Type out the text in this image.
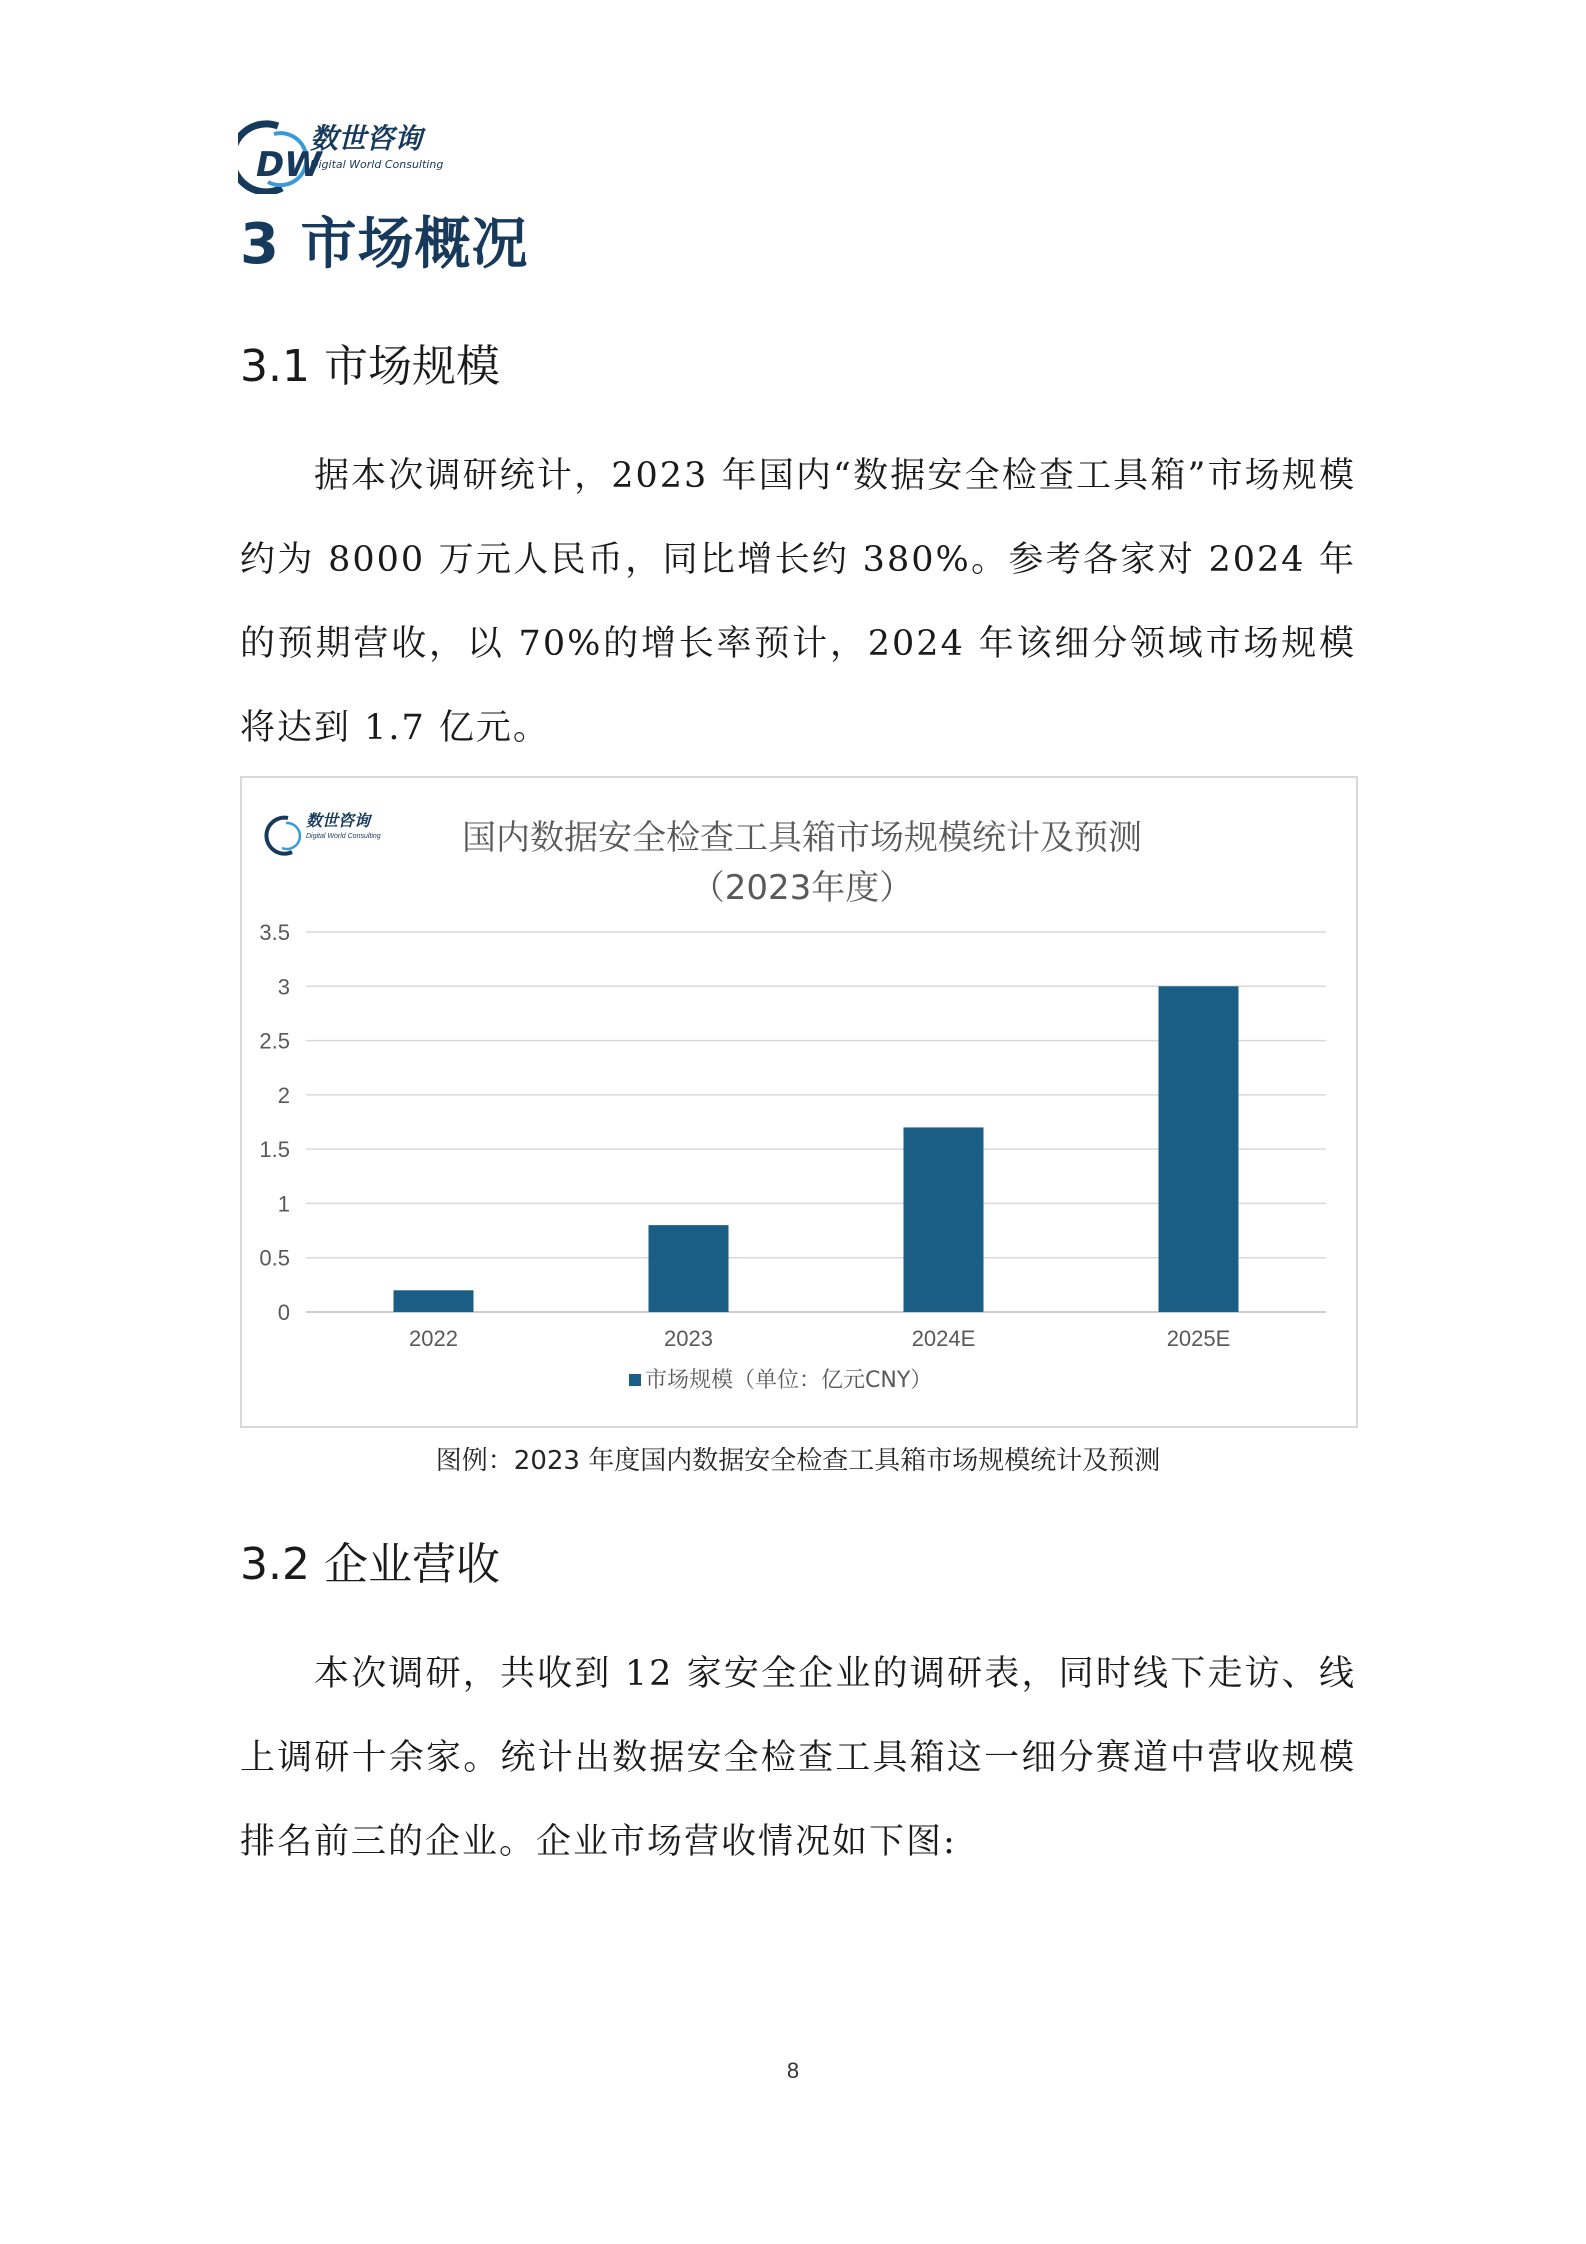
数世咨询
Digital World Consulting
DW
3 市场概况
3.1 市场规模
据本次调研统计，2023 年国内“数据安全检查工具箱”市场规模约为 8000 万元人民币，同比增长约 380%。参考各家对 2024 年的预期营收，以 70%的增长率预计，2024 年该细分领域市场规模将达到 1.7 亿元。
数世咨询
Digital World Consulting
0
0.5
1
1.5
2
2.5
3
3.5
2022	2023	2024E	2025E
市场规模（单位：亿元CNY）
国内数据安全检查工具箱市场规模统计及预测
（2023年度）
图例：2023 年度国内数据安全检查工具箱市场规模统计及预测
3.2 企业营收
本次调研，共收到 12 家安全企业的调研表，同时线下走访、线上调研十余家。统计出数据安全检查工具箱这一细分赛道中营收规模排名前三的企业。企业市场营收情况如下图:
8
